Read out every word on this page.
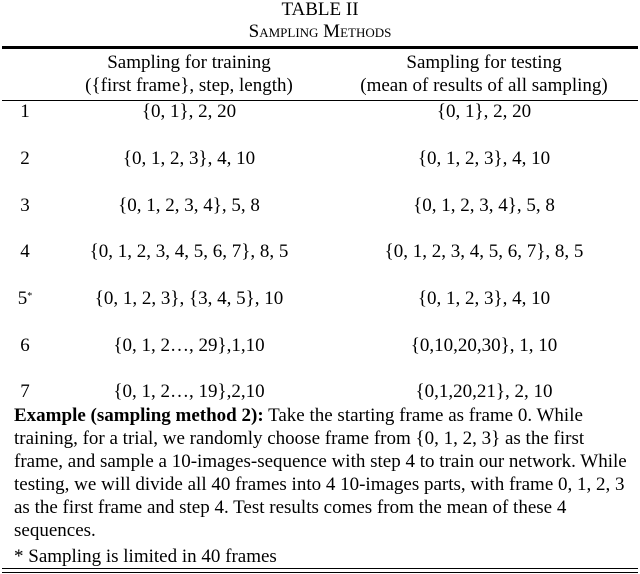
TABLE II
Sampling Methods
Sampling for training
({first frame}, step, length)
Sampling for testing
(mean of results of all sampling)
1	{0, 1}, 2, 20	{0, 1}, 2, 20
2	{0, 1, 2, 3}, 4, 10	{0, 1, 2, 3}, 4, 10
3	{0, 1, 2, 3, 4}, 5, 8	{0, 1, 2, 3, 4}, 5, 8
4	{0, 1, 2, 3, 4, 5, 6, 7}, 8, 5	{0, 1, 2, 3, 4, 5, 6, 7}, 8, 5
5*	{0, 1, 2, 3}, {3, 4, 5}, 10	{0, 1, 2, 3}, 4, 10
6	{0, 1, 2…, 29},1,10	{0,10,20,30}, 1, 10
7	{0, 1, 2…, 19},2,10	{0,1,20,21}, 2, 10
Example (sampling method 2): Take the starting frame as frame 0. While training, for a trial, we randomly choose frame from {0, 1, 2, 3} as the first frame, and sample a 10-images-sequence with step 4 to train our network. While testing, we will divide all 40 frames into 4 10-images parts, with frame 0, 1, 2, 3 as the first frame and step 4. Test results comes from the mean of these 4 sequences.
* Sampling is limited in 40 frames
